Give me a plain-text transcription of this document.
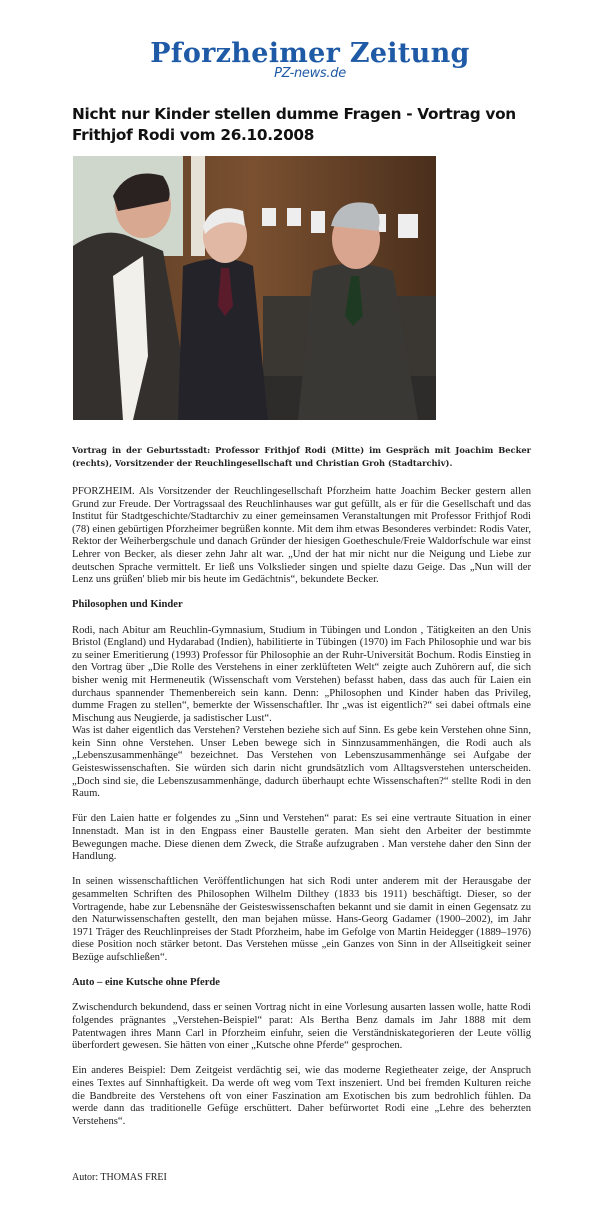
Pforzheimer Zeitung
PZ-news.de
Nicht nur Kinder stellen dumme Fragen - Vortrag von Frithjof Rodi vom 26.10.2008
Vortrag in der Geburtsstadt: Professor Frithjof Rodi (Mitte) im Gespräch mit Joachim Becker (rechts), Vorsitzender der Reuchlingesellschaft und Christian Groh (Stadtarchiv).

PFORZHEIM. Als Vorsitzender der Reuchlingesellschaft Pforzheim hatte Joachim Becker gestern allen Grund zur Freude. Der Vortragssaal des Reuchlinhauses war gut gefüllt, als er für die Gesellschaft und das Institut für Stadtgeschichte/Stadtarchiv zu einer gemeinsamen Veranstaltungen mit Professor Frithjof Rodi (78) einen gebürtigen Pforzheimer begrüßen konnte. Mit dem ihm etwas Besonderes verbindet: Rodis Vater, Rektor der Weiherbergschule und danach Gründer der hiesigen Goetheschule/Freie Waldorfschule war einst Lehrer von Becker, als dieser zehn Jahr alt war. „Und der hat mir nicht nur die Neigung und Liebe zur deutschen Sprache vermittelt. Er ließ uns Volkslieder singen und spielte dazu Geige. Das „Nun will der Lenz uns grüßen' blieb mir bis heute im Gedächtnis“, bekundete Becker.

Philosophen und Kinder

Rodi, nach Abitur am Reuchlin-Gymnasium, Studium in Tübingen und London , Tätigkeiten an den Unis Bristol (England) und Hydarabad (Indien), habilitierte in Tübingen (1970) im Fach Philosophie und war bis zu seiner Emeritierung (1993) Professor für Philosophie an der Ruhr-Universität Bochum. Rodis Einstieg in den Vortrag über „Die Rolle des Verstehens in einer zerklüfteten Welt“ zeigte auch Zuhörern auf, die sich bisher wenig mit Hermeneutik (Wissenschaft vom Verstehen) befasst haben, dass das auch für Laien ein durchaus spannender Themenbereich sein kann. Denn: „Philosophen und Kinder haben das Privileg, dumme Fragen zu stellen“, bemerkte der Wissenschaftler. Ihr „was ist eigentlich?“ sei dabei oftmals eine Mischung aus Neugierde, ja sadistischer Lust“.

Was ist daher eigentlich das Verstehen? Verstehen beziehe sich auf Sinn. Es gebe kein Verstehen ohne Sinn, kein Sinn ohne Verstehen. Unser Leben bewege sich in Sinnzusammenhängen, die Rodi auch als „Lebenszusammenhänge“ bezeichnet. Das Verstehen von Lebenszusammenhänge sei Aufgabe der Geisteswissenschaften. Sie würden sich darin nicht grundsätzlich vom Alltagsverstehen unterscheiden. „Doch sind sie, die Lebenszusammenhänge, dadurch überhaupt echte Wissenschaften?“ stellte Rodi in den Raum.

Für den Laien hatte er folgendes zu „Sinn und Verstehen“ parat: Es sei eine vertraute Situation in einer Innenstadt. Man ist in den Engpass einer Baustelle geraten. Man sieht den Arbeiter der bestimmte Bewegungen mache. Diese dienen dem Zweck, die Straße aufzugraben . Man verstehe daher den Sinn der Handlung.

In seinen wissenschaftlichen Veröffentlichungen hat sich Rodi unter anderem mit der Herausgabe der gesammelten Schriften des Philosophen Wilhelm Dilthey (1833 bis 1911) beschäftigt. Dieser, so der Vortragende, habe zur Lebensnähe der Geisteswissenschaften bekannt und sie damit in einen Gegensatz zu den Naturwissenschaften gestellt, den man bejahen müsse. Hans-Georg Gadamer (1900–2002), im Jahr 1971 Träger des Reuchlinpreises der Stadt Pforzheim, habe im Gefolge von Martin Heidegger (1889–1976) diese Position noch stärker betont. Das Verstehen müsse „ein Ganzes von Sinn in der Allseitigkeit seiner Bezüge aufschließen“.

Auto – eine Kutsche ohne Pferde

Zwischendurch bekundend, dass er seinen Vortrag nicht in eine Vorlesung ausarten lassen wolle, hatte Rodi folgendes prägnantes „Verstehen-Beispiel“ parat: Als Bertha Benz damals im Jahr 1888 mit dem Patentwagen ihres Mann Carl in Pforzheim einfuhr, seien die Verständniskategorieren der Leute völlig überfordert gewesen. Sie hätten von einer „Kutsche ohne Pferde“ gesprochen.

Ein anderes Beispiel: Dem Zeitgeist verdächtig sei, wie das moderne Regietheater zeige, der Anspruch eines Textes auf Sinnhaftigkeit. Da werde oft weg vom Text inszeniert. Und bei fremden Kulturen reiche die Bandbreite des Verstehens oft von einer Faszination am Exotischen bis zum bedrohlich fühlen. Da werde dann das traditionelle Gefüge erschüttert. Daher befürwortet Rodi eine „Lehre des beherzten Verstehens“.

Autor: THOMAS FREI
